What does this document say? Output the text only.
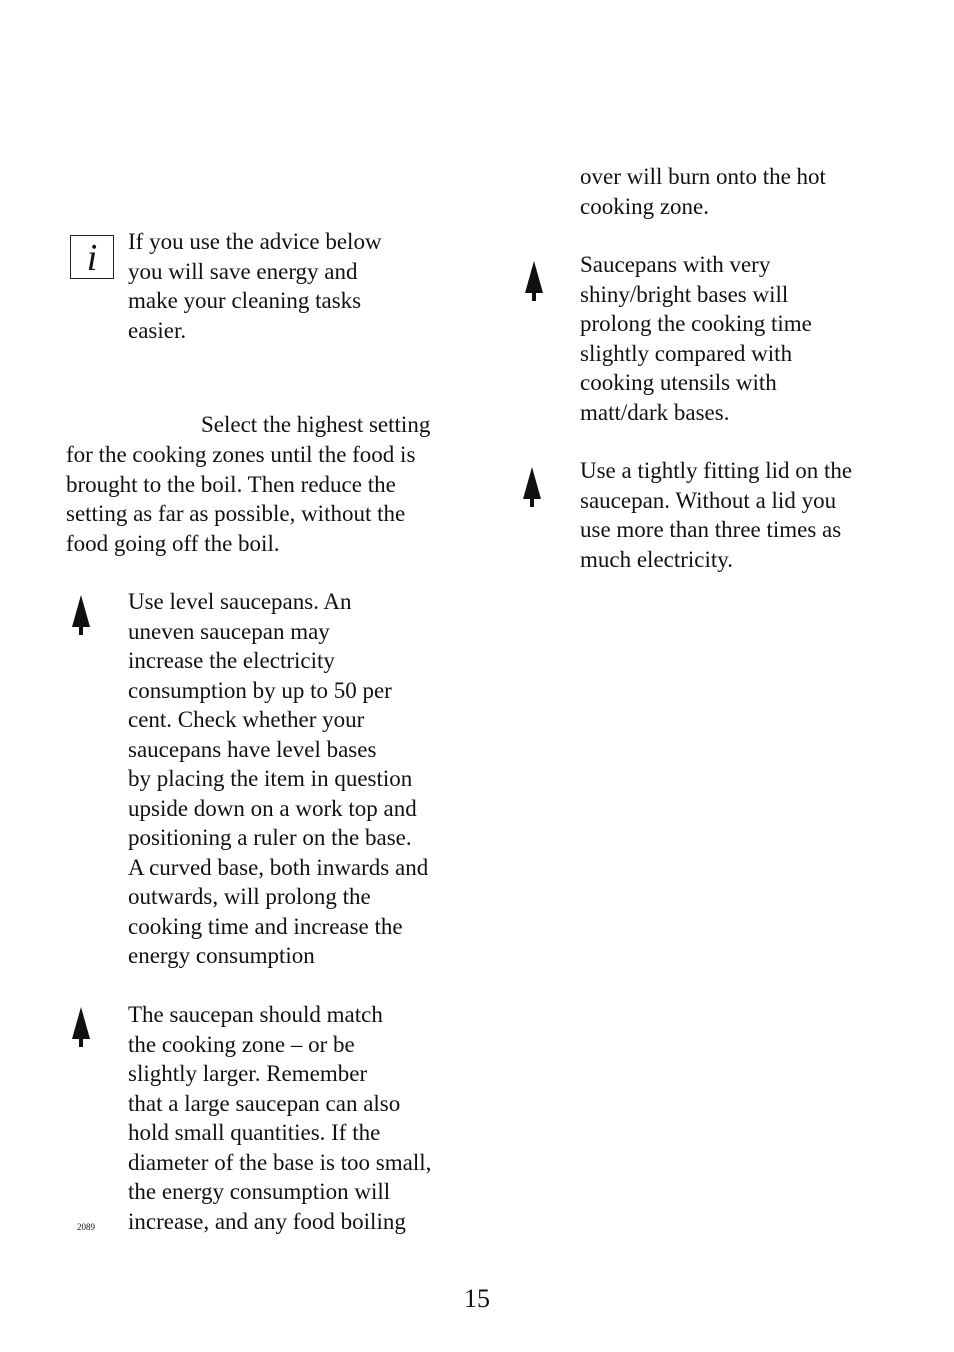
i	If you use the advice below
you will save energy and
make your cleaning tasks
easier.

Select the highest setting

for the cooking zones until the food is
brought to the boil. Then reduce the
setting as far as possible, without the
food going off the boil.

Use level saucepans. An
uneven saucepan may
increase the electricity
consumption by up to 50 per
cent. Check whether your
saucepans have level bases
by placing the item in question
upside down on a work top and
positioning a ruler on the base.
A curved base, both inwards and
outwards, will prolong the
cooking time and increase the
energy consumption

The saucepan should match
the cooking zone – or be
slightly larger. Remember
that a large saucepan can also
hold small quantities. If the
diameter of the base is too small,
the energy consumption will
increase, and any food boiling

2089

over will burn onto the hot
cooking zone.

Saucepans with very
shiny/bright bases will
prolong the cooking time
slightly compared with
cooking utensils with
matt/dark bases.

Use a tightly fitting lid on the
saucepan. Without a lid you
use more than three times as
much electricity.

15
